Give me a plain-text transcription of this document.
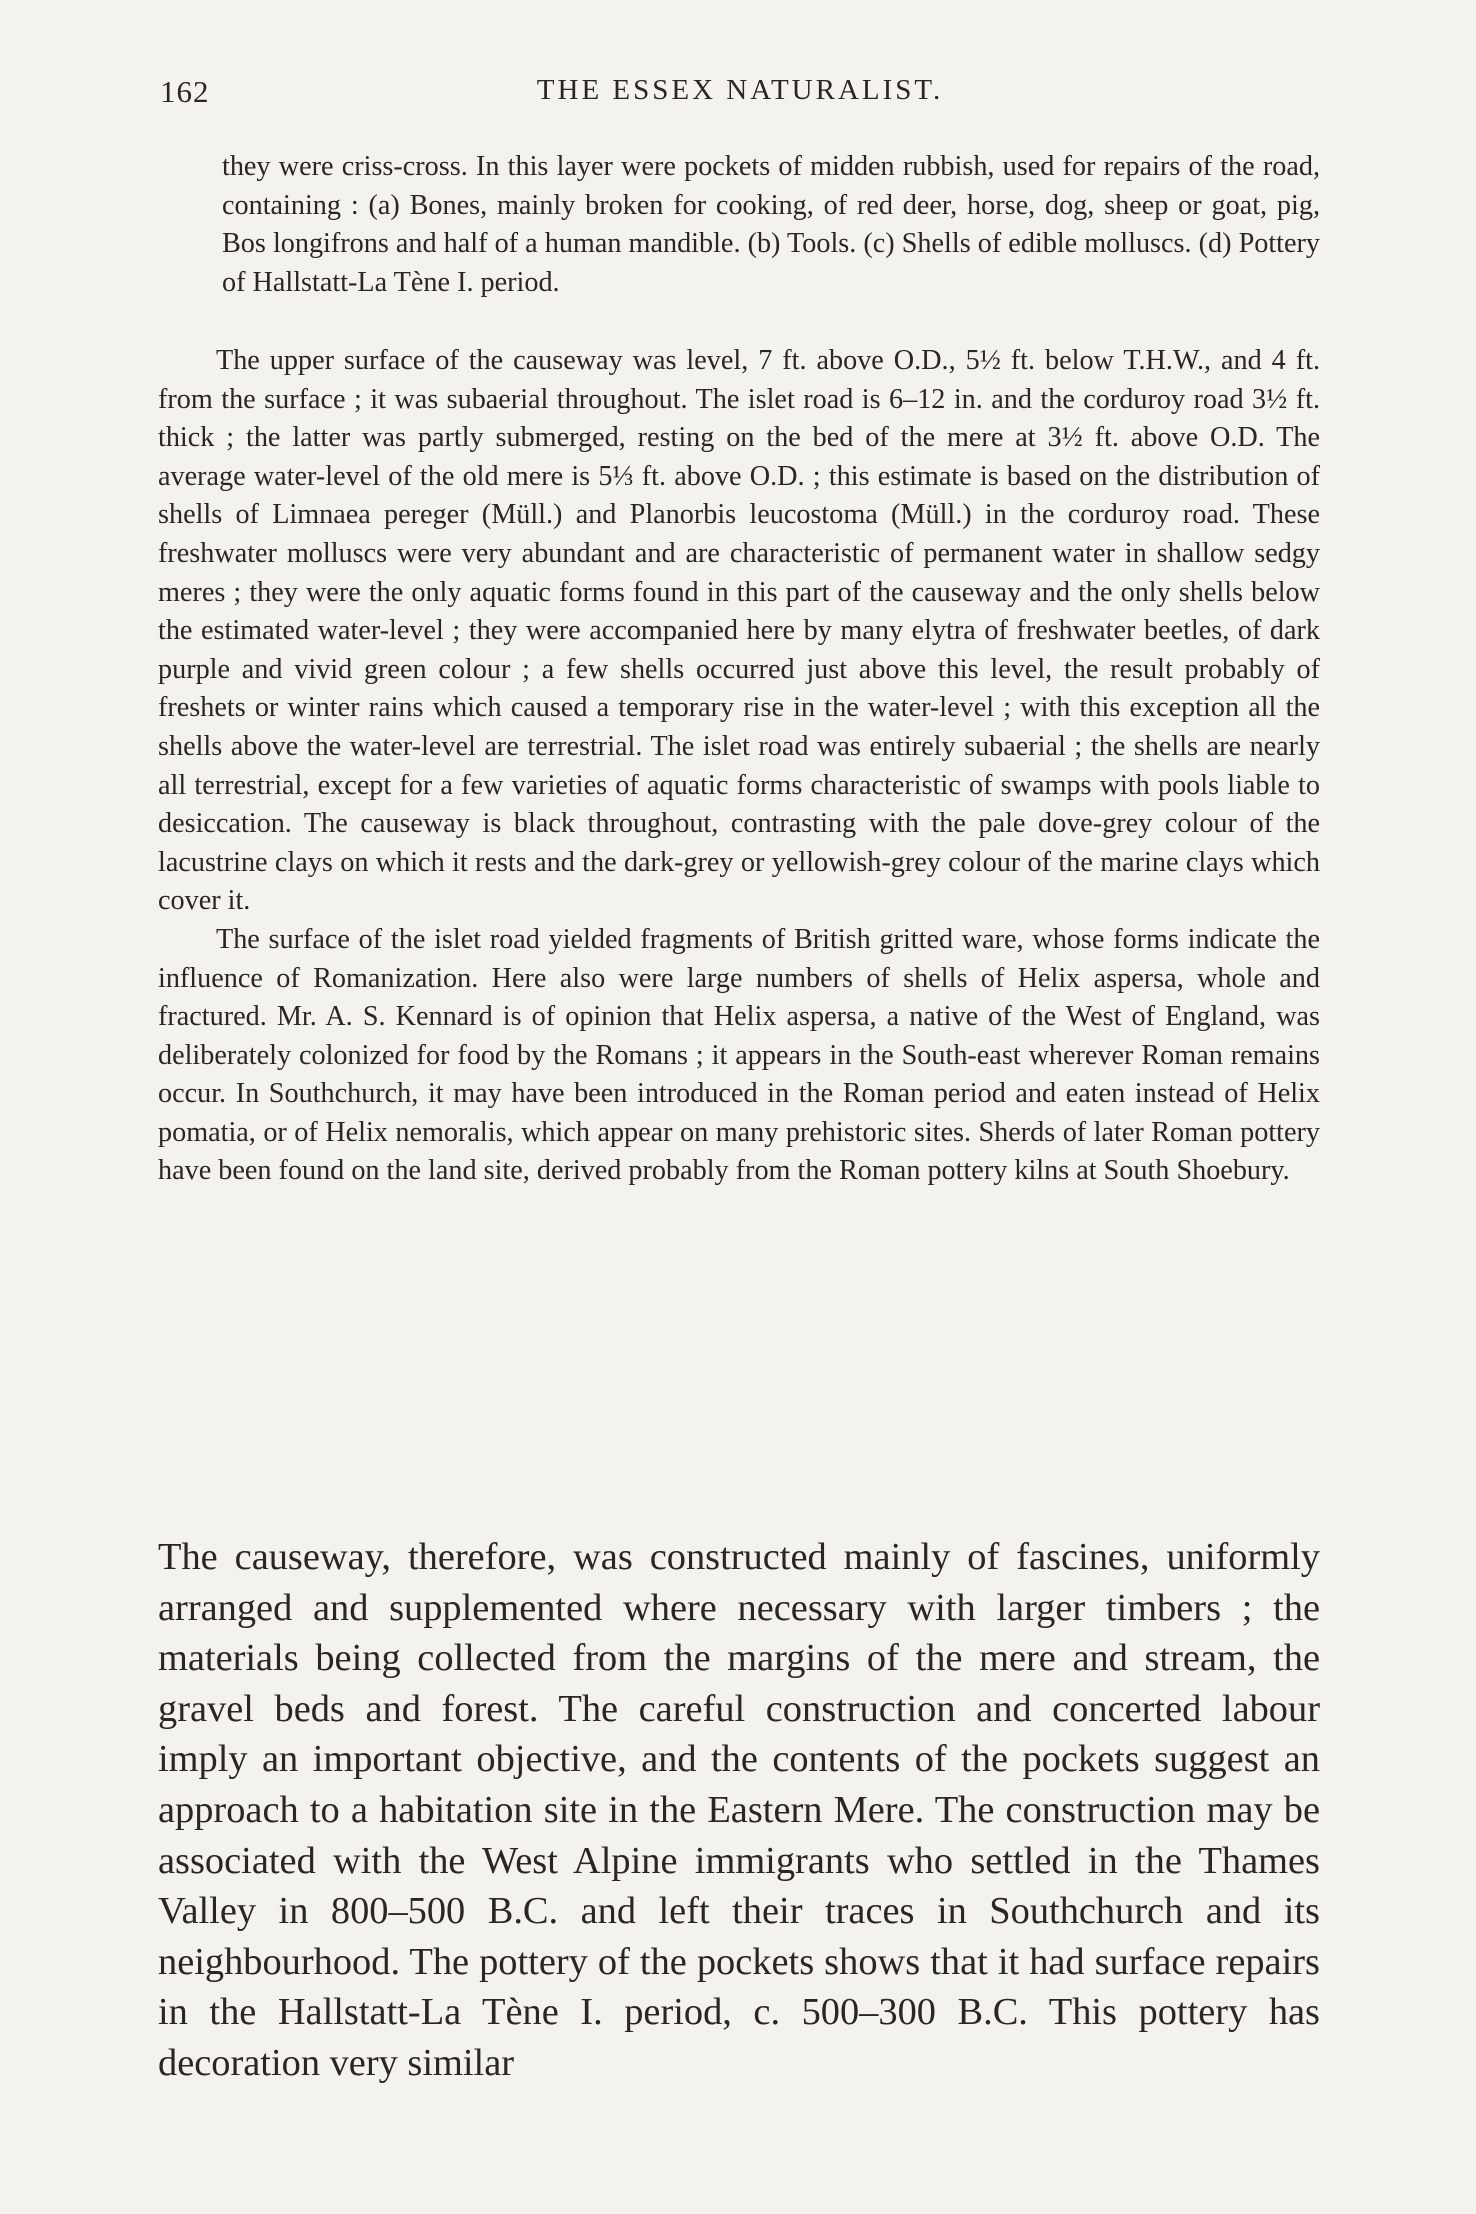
162	THE ESSEX NATURALIST.

they were criss-cross. In this layer were pockets of midden rubbish, used for repairs of the road, containing : (a) Bones, mainly broken for cooking, of red deer, horse, dog, sheep or goat, pig, Bos longifrons and half of a human mandible. (b) Tools. (c) Shells of edible molluscs. (d) Pottery of Hallstatt-La Tène I. period.

The upper surface of the causeway was level, 7 ft. above O.D., 5½ ft. below T.H.W., and 4 ft. from the surface ; it was subaerial throughout. The islet road is 6–12 in. and the corduroy road 3½ ft. thick ; the latter was partly submerged, resting on the bed of the mere at 3½ ft. above O.D. The average water-level of the old mere is 5⅓ ft. above O.D. ; this estimate is based on the distribution of shells of Limnaea pereger (Müll.) and Planorbis leucostoma (Müll.) in the corduroy road. These freshwater molluscs were very abundant and are characteristic of permanent water in shallow sedgy meres ; they were the only aquatic forms found in this part of the causeway and the only shells below the estimated water-level ; they were accompanied here by many elytra of freshwater beetles, of dark purple and vivid green colour ; a few shells occurred just above this level, the result probably of freshets or winter rains which caused a temporary rise in the water-level ; with this exception all the shells above the water-level are terrestrial. The islet road was entirely subaerial ; the shells are nearly all terrestrial, except for a few varieties of aquatic forms characteristic of swamps with pools liable to desiccation. The causeway is black throughout, contrasting with the pale dove-grey colour of the lacustrine clays on which it rests and the dark-grey or yellowish-grey colour of the marine clays which cover it.

The surface of the islet road yielded fragments of British gritted ware, whose forms indicate the influence of Romanization. Here also were large numbers of shells of Helix aspersa, whole and fractured. Mr. A. S. Kennard is of opinion that Helix aspersa, a native of the West of England, was deliberately colonized for food by the Romans ; it appears in the South-east wherever Roman remains occur. In Southchurch, it may have been introduced in the Roman period and eaten instead of Helix pomatia, or of Helix nemoralis, which appear on many prehistoric sites. Sherds of later Roman pottery have been found on the land site, derived probably from the Roman pottery kilns at South Shoebury.

The causeway, therefore, was constructed mainly of fascines, uniformly arranged and supplemented where necessary with larger timbers ; the materials being collected from the margins of the mere and stream, the gravel beds and forest. The careful construction and concerted labour imply an important objective, and the contents of the pockets suggest an approach to a habitation site in the Eastern Mere. The construction may be associated with the West Alpine immigrants who settled in the Thames Valley in 800–500 B.C. and left their traces in Southchurch and its neighbourhood. The pottery of the pockets shows that it had surface repairs in the Hallstatt-La Tène I. period, c. 500–300 B.C. This pottery has decoration very similar
